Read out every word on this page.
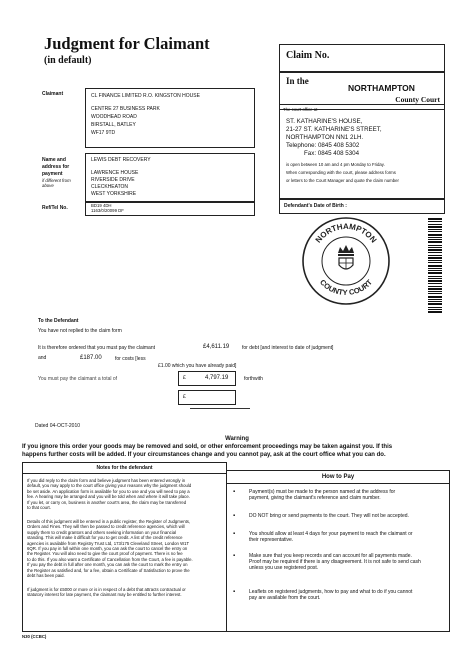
Judgment for Claimant
(in default)	Claim No.
In the
NORTHAMPTON
County Court
The court office at
ST. KATHARINE'S HOUSE,
21-27 ST. KATHARINE'S STREET,
NORTHAMPTON NN1 2LH.
Telephone: 0845 408 5302
Fax: 0845 408 5304
is open between 10 am and 4 pm Monday to Friday.
When corresponding with the court, please address forms
or letters to the Court Manager and quote the claim number
Defendant's Date of Birth :
Claimant	CL FINANCE LIMITED R.O. KINGSTON HOUSE
CENTRE 27 BUSINESS PARK
WOODHEAD ROAD
BIRSTALL, BATLEY
WF17 9TD
Name and
address for
payment
if different from
above
LEWIS DEBT RECOVERY
LAWRENCE HOUSE
RIVERSIDE DRIVE
CLECKHEATON
WEST YORKSHIRE
Ref/Tel No.	BD19 4DH
1163/0/20099 DF
NORTHAMPTON
COUNTY COURT
To the Defendant
You have not replied to the claim form
It is therefore ordered that you must pay the claimant	£4,611.19	for debt [and interest to date of judgment]
and	£187.00	for costs [less
£1.00 which you have already paid]
You must pay the claimant a total of	£	4,797.19	forthwith
£
Dated 04-OCT-2010
Warning
If you ignore this order your goods may be removed and sold, or other enforcement proceedings may be taken against you. If this
happens further costs will be added. If your circumstances change and you cannot pay, ask at the court office what you can do.
Notes for the defendant
If you did reply to the claim form and believe judgment has been entered wrongly in
default, you may apply to the court office giving your reasons why the judgment should
be set aside. An application form is available for you to use and you will need to pay a
fee. A hearing may be arranged and you will be told when and where it will take place.
If you let, or carry on, business in another court's area, the claim may be transferred
to that court.
Details of this judgment will be entered in a public register, the Register of Judgments,
Orders and Fines. They will then be passed to credit reference agencies, which will
supply them to credit grantors and others seeking information on your financial
standing. This will make it difficult for you to get credit. A list of the credit reference
agencies is available from Registry Trust Ltd, 173/175 Cleveland Street, London W1T
6QR. If you pay in full within one month, you can ask the court to cancel the entry on
the Register. You will also need to give the court proof of payment. There is no fee
to do this. If you also want a Certificate of Cancellation from the Court, a fee is payable.
If you pay the debt in full after one month, you can ask the court to mark the entry on
the Register as satisfied and, for a fee, obtain a Certificate of Satisfaction to prove the
debt has been paid.
If judgment is for £5000 or more or is in respect of a debt that attracts contractual or
statutory interest for late payment, the claimant may be entitled to further interest.
How to Pay
▪	Payment(s) must be made to the person named at the address for
payment, giving the claimant's reference and claim number.
▪	DO NOT bring or send payments to the court. They will not be accepted.
▪	You should allow at least 4 days for your payment to reach the claimant or
their representative.
▪	Make sure that you keep records and can account for all payments made.
Proof may be required if there is any disagreement. It is not safe to send cash
unless you use registered post.
▪	Leaflets on registered judgments, how to pay and what to do if you cannot
pay are available from the court.
N30 (CCBC)
